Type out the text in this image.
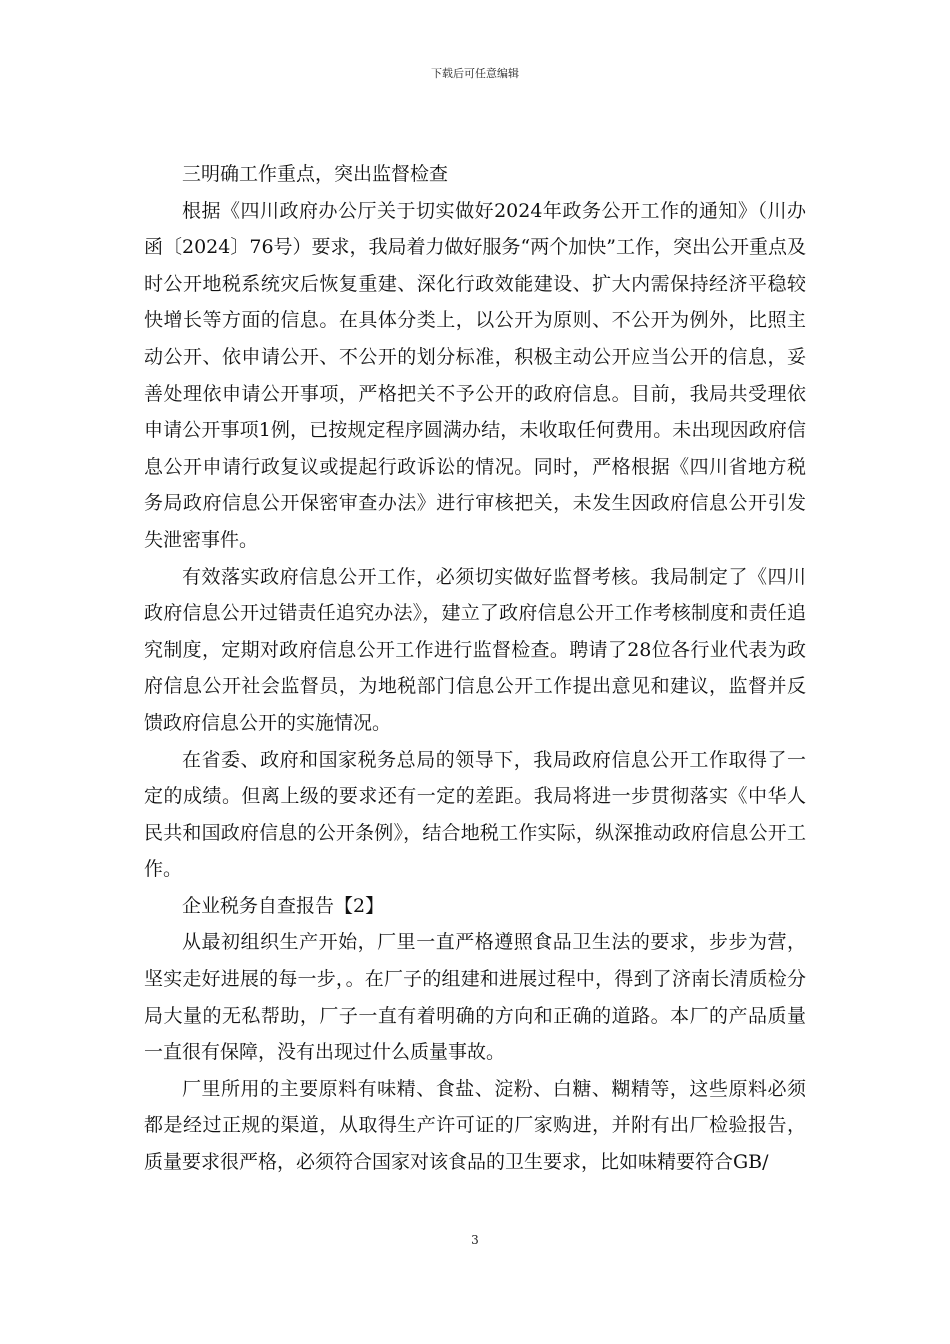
下载后可任意编辑

三明确工作重点，突出监督检查

根据《四川政府办公厅关于切实做好2024年政务公开工作的通知》（川办函〔2024〕76号）要求，我局着力做好服务“两个加快”工作，突出公开重点及时公开地税系统灾后恢复重建、深化行政效能建设、扩大内需保持经济平稳较快增长等方面的信息。在具体分类上，以公开为原则、不公开为例外，比照主动公开、依申请公开、不公开的划分标准，积极主动公开应当公开的信息，妥善处理依申请公开事项，严格把关不予公开的政府信息。目前，我局共受理依申请公开事项1例，已按规定程序圆满办结，未收取任何费用。未出现因政府信息公开申请行政复议或提起行政诉讼的情况。同时，严格根据《四川省地方税务局政府信息公开保密审查办法》进行审核把关，未发生因政府信息公开引发失泄密事件。

有效落实政府信息公开工作，必须切实做好监督考核。我局制定了《四川政府信息公开过错责任追究办法》，建立了政府信息公开工作考核制度和责任追究制度，定期对政府信息公开工作进行监督检查。聘请了28位各行业代表为政府信息公开社会监督员，为地税部门信息公开工作提出意见和建议，监督并反馈政府信息公开的实施情况。

在省委、政府和国家税务总局的领导下，我局政府信息公开工作取得了一定的成绩。但离上级的要求还有一定的差距。我局将进一步贯彻落实《中华人民共和国政府信息的公开条例》，结合地税工作实际，纵深推动政府信息公开工作。

企业税务自查报告【2】

从最初组织生产开始，厂里一直严格遵照食品卫生法的要求，步步为营，坚实走好进展的每一步，。在厂子的组建和进展过程中，得到了济南长清质检分局大量的无私帮助，厂子一直有着明确的方向和正确的道路。本厂的产品质量一直很有保障，没有出现过什么质量事故。

厂里所用的主要原料有味精、食盐、淀粉、白糖、糊精等，这些原料必须都是经过正规的渠道，从取得生产许可证的厂家购进，并附有出厂检验报告，质量要求很严格，必须符合国家对该食品的卫生要求，比如味精要符合GB/

3
